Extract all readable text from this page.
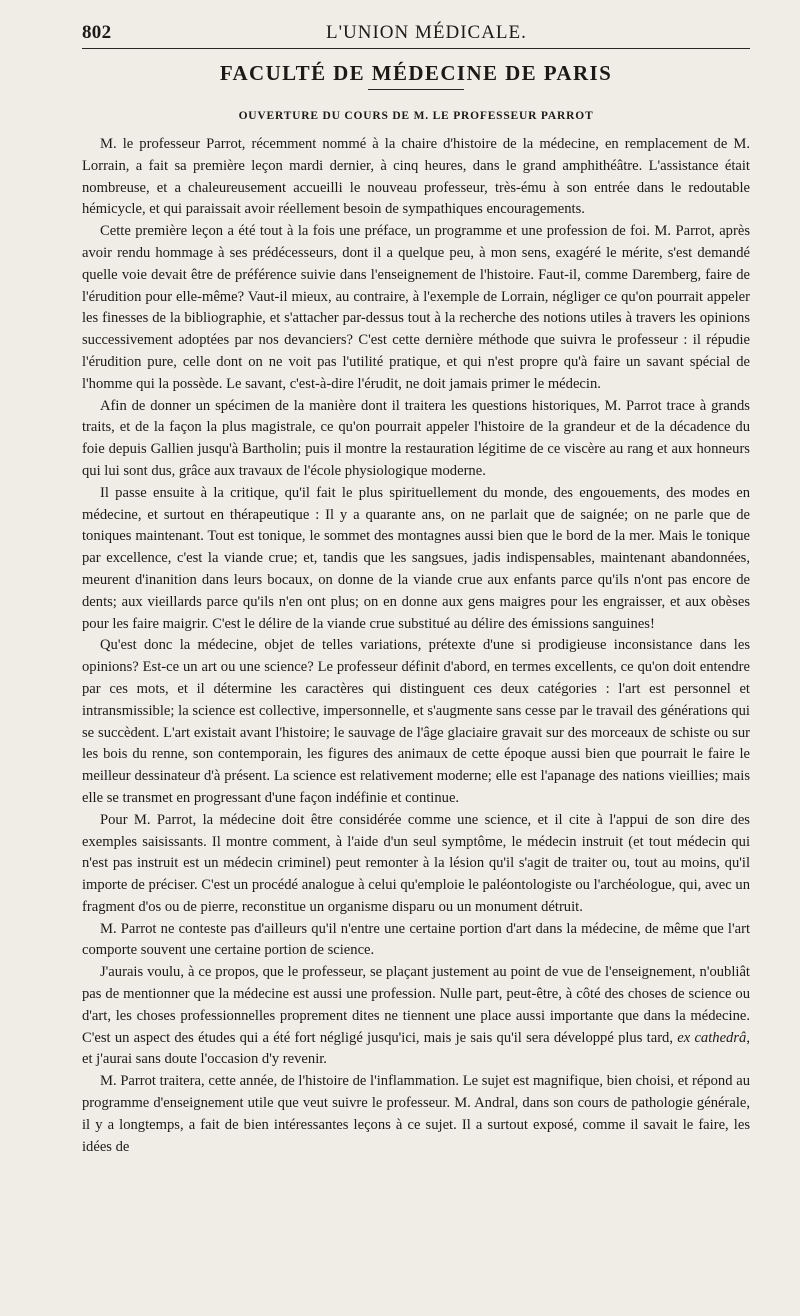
802	L'UNION MÉDICALE.
FACULTÉ DE MÉDECINE DE PARIS
OUVERTURE DU COURS DE M. LE PROFESSEUR PARROT

M. le professeur Parrot, récemment nommé à la chaire d'histoire de la médecine, en remplacement de M. Lorrain, a fait sa première leçon mardi dernier, à cinq heures, dans le grand amphithéâtre. L'assistance était nombreuse, et a chaleureusement accueilli le nouveau professeur, très-ému à son entrée dans le redoutable hémicycle, et qui paraissait avoir réellement besoin de sympathiques encouragements.

Cette première leçon a été tout à la fois une préface, un programme et une profession de foi. M. Parrot, après avoir rendu hommage à ses prédécesseurs, dont il a quelque peu, à mon sens, exagéré le mérite, s'est demandé quelle voie devait être de préférence suivie dans l'enseignement de l'histoire. Faut-il, comme Daremberg, faire de l'érudition pour elle-même? Vaut-il mieux, au contraire, à l'exemple de Lorrain, négliger ce qu'on pourrait appeler les finesses de la bibliographie, et s'attacher par-dessus tout à la recherche des notions utiles à travers les opinions successivement adoptées par nos devanciers? C'est cette dernière méthode que suivra le professeur : il répudie l'érudition pure, celle dont on ne voit pas l'utilité pratique, et qui n'est propre qu'à faire un savant spécial de l'homme qui la possède. Le savant, c'est-à-dire l'érudit, ne doit jamais primer le médecin.

Afin de donner un spécimen de la manière dont il traitera les questions historiques, M. Parrot trace à grands traits, et de la façon la plus magistrale, ce qu'on pourrait appeler l'histoire de la grandeur et de la décadence du foie depuis Gallien jusqu'à Bartholin; puis il montre la restauration légitime de ce viscère au rang et aux honneurs qui lui sont dus, grâce aux travaux de l'école physiologique moderne.

Il passe ensuite à la critique, qu'il fait le plus spirituellement du monde, des engouements, des modes en médecine, et surtout en thérapeutique : Il y a quarante ans, on ne parlait que de saignée; on ne parle que de toniques maintenant. Tout est tonique, le sommet des montagnes aussi bien que le bord de la mer. Mais le tonique par excellence, c'est la viande crue; et, tandis que les sangsues, jadis indispensables, maintenant abandonnées, meurent d'inanition dans leurs bocaux, on donne de la viande crue aux enfants parce qu'ils n'ont pas encore de dents; aux vieillards parce qu'ils n'en ont plus; on en donne aux gens maigres pour les engraisser, et aux obèses pour les faire maigrir. C'est le délire de la viande crue substitué au délire des émissions sanguines!

Qu'est donc la médecine, objet de telles variations, prétexte d'une si prodigieuse inconsistance dans les opinions? Est-ce un art ou une science? Le professeur définit d'abord, en termes excellents, ce qu'on doit entendre par ces mots, et il détermine les caractères qui distinguent ces deux catégories : l'art est personnel et intransmissible; la science est collective, impersonnelle, et s'augmente sans cesse par le travail des générations qui se succèdent. L'art existait avant l'histoire; le sauvage de l'âge glaciaire gravait sur des morceaux de schiste ou sur les bois du renne, son contemporain, les figures des animaux de cette époque aussi bien que pourrait le faire le meilleur dessinateur d'à présent. La science est relativement moderne; elle est l'apanage des nations vieillies; mais elle se transmet en progressant d'une façon indéfinie et continue.

Pour M. Parrot, la médecine doit être considérée comme une science, et il cite à l'appui de son dire des exemples saisissants. Il montre comment, à l'aide d'un seul symptôme, le médecin instruit (et tout médecin qui n'est pas instruit est un médecin criminel) peut remonter à la lésion qu'il s'agit de traiter ou, tout au moins, qu'il importe de préciser. C'est un procédé analogue à celui qu'emploie le paléontologiste ou l'archéologue, qui, avec un fragment d'os ou de pierre, reconstitue un organisme disparu ou un monument détruit.

M. Parrot ne conteste pas d'ailleurs qu'il n'entre une certaine portion d'art dans la médecine, de même que l'art comporte souvent une certaine portion de science.

J'aurais voulu, à ce propos, que le professeur, se plaçant justement au point de vue de l'enseignement, n'oubliât pas de mentionner que la médecine est aussi une profession. Nulle part, peut-être, à côté des choses de science ou d'art, les choses professionnelles proprement dites ne tiennent une place aussi importante que dans la médecine. C'est un aspect des études qui a été fort négligé jusqu'ici, mais je sais qu'il sera développé plus tard, ex cathedrâ, et j'aurai sans doute l'occasion d'y revenir.

M. Parrot traitera, cette année, de l'histoire de l'inflammation. Le sujet est magnifique, bien choisi, et répond au programme d'enseignement utile que veut suivre le professeur. M. Andral, dans son cours de pathologie générale, il y a longtemps, a fait de bien intéressantes leçons à ce sujet. Il a surtout exposé, comme il savait le faire, les idées de
